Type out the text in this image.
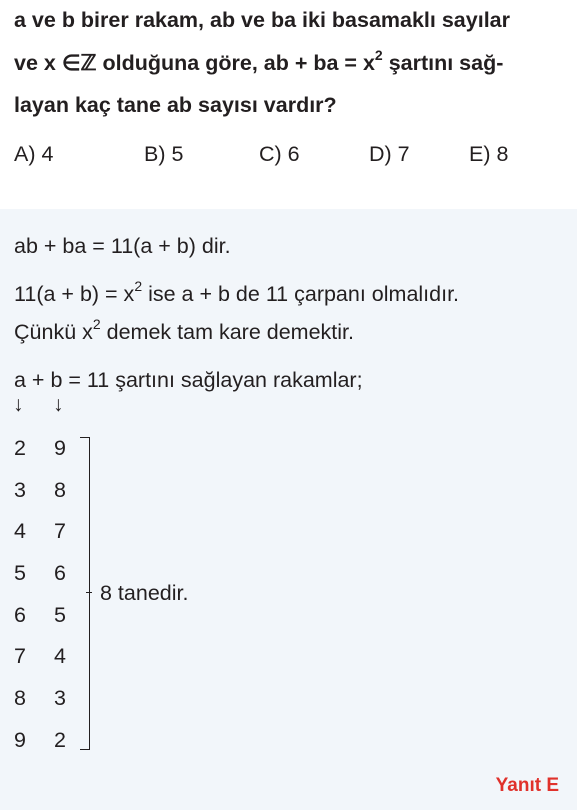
a ve b birer rakam, ab ve ba iki basamaklı sayılar
ve x ∈ℤ olduğuna göre, ab + ba = $x^2$ şartını sağ-
layan kaç tane ab sayısı vardır?
A) 4	B) 5	C) 6	D) 7	E) 8
ab + ba = 11(a + b) dir.
$11(a + b) = x^2$ ise a + b de 11 çarpanı olmalıdır.
Çünkü $x^2$ demek tam kare demektir.
a + b = 11 şartını sağlayan rakamlar;
↓ ↓
2 9
3 8
4 7
5 6
6 5
7 4
8 3
9 2
8 tanedir.
Yanıt E
